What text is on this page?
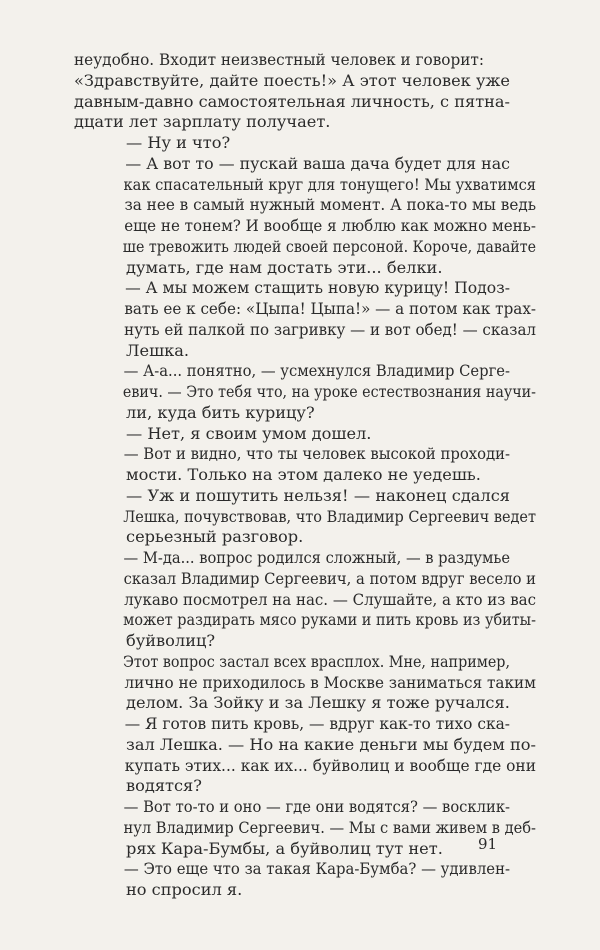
неудобно. Входит неизвестный человек и говорит:
«Здравствуйте, дайте поесть!» А этот человек уже
давным-давно самостоятельная личность, с пятна-
дцати лет зарплату получает.

— Ну и что?

— А вот то — пускай ваша дача будет для нас
как спасательный круг для тонущего! Мы ухватимся
за нее в самый нужный момент. А пока-то мы ведь
еще не тонем? И вообще я люблю как можно мень-
ше тревожить людей своей персоной. Короче, давайте
думать, где нам достать эти... белки.

— А мы можем стащить новую курицу! Подоз-
вать ее к себе: «Цыпа! Цыпа!» — а потом как трах-
нуть ей палкой по загривку — и вот обед! — сказал
Лешка.

— А-а... понятно, — усмехнулся Владимир Серге-
евич. — Это тебя что, на уроке естествознания научи-
ли, куда бить курицу?

— Нет, я своим умом дошел.

— Вот и видно, что ты человек высокой проходи-
мости. Только на этом далеко не уедешь.

— Уж и пошутить нельзя! — наконец сдался
Лешка, почувствовав, что Владимир Сергеевич ведет
серьезный разговор.

— М-да... вопрос родился сложный, — в раздумье
сказал Владимир Сергеевич, а потом вдруг весело и
лукаво посмотрел на нас. — Слушайте, а кто из вас
может раздирать мясо руками и пить кровь из убиты-
буйволиц?

Этот вопрос застал всех врасплох. Мне, например,
лично не приходилось в Москве заниматься таким
делом. За Зойку и за Лешку я тоже ручался.

— Я готов пить кровь, — вдруг как-то тихо ска-
зал Лешка. — Но на какие деньги мы будем по-
купать этих... как их... буйволиц и вообще где они
водятся?

— Вот то-то и оно — где они водятся? — восклик-
нул Владимир Сергеевич. — Мы с вами живем в деб-
рях Кара-Бумбы, а буйволиц тут нет.

— Это еще что за такая Кара-Бумба? — удивлен-
но спросил я.

91
